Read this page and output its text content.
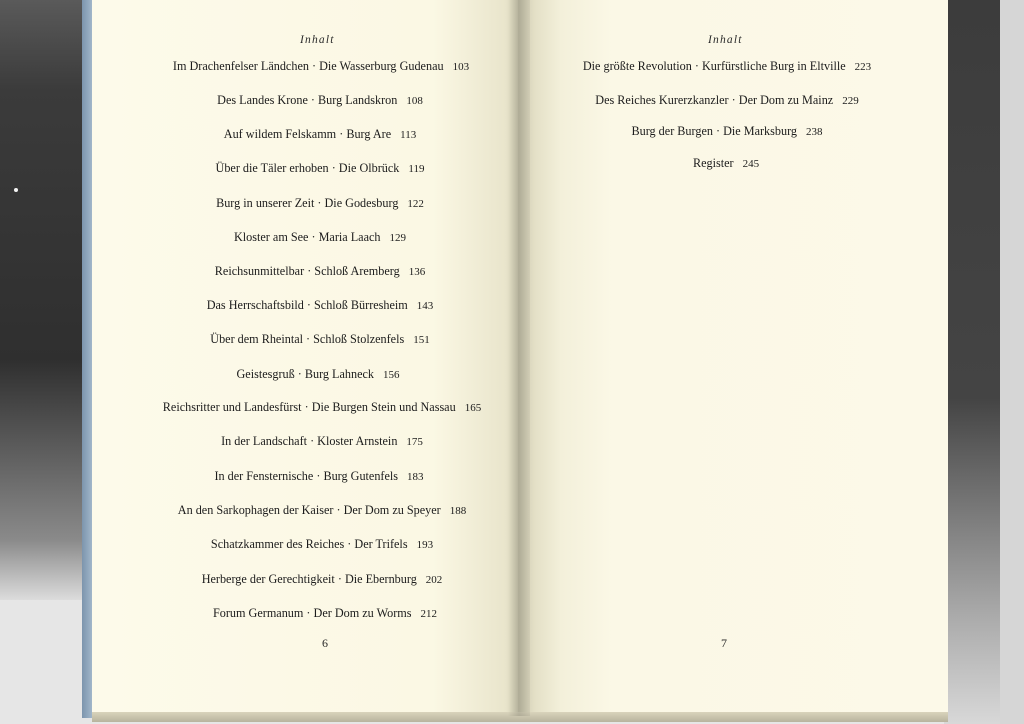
Inhalt
Im Drachenfelser Ländchen · Die Wasserburg Gudenau 103
Des Landes Krone · Burg Landskron 108
Auf wildem Felskamm · Burg Are 113
Über die Täler erhoben · Die Olbrück 119
Burg in unserer Zeit · Die Godesburg 122
Kloster am See · Maria Laach 129
Reichsunmittelbar · Schloß Aremberg 136
Das Herrschaftsbild · Schloß Bürresheim 143
Über dem Rheintal · Schloß Stolzenfels 151
Geistesgruß · Burg Lahneck 156
Reichsritter und Landesfürst · Die Burgen Stein und Nassau 165
In der Landschaft · Kloster Arnstein 175
In der Fensternische · Burg Gutenfels 183
An den Sarkophagen der Kaiser · Der Dom zu Speyer 188
Schatzkammer des Reiches · Der Trifels 193
Herberge der Gerechtigkeit · Die Ebernburg 202
Forum Germanum · Der Dom zu Worms 212
6
Inhalt
Die größte Revolution · Kurfürstliche Burg in Eltville 223
Des Reiches Kurerzkanzler · Der Dom zu Mainz 229
Burg der Burgen · Die Marksburg 238
Register 245
7
